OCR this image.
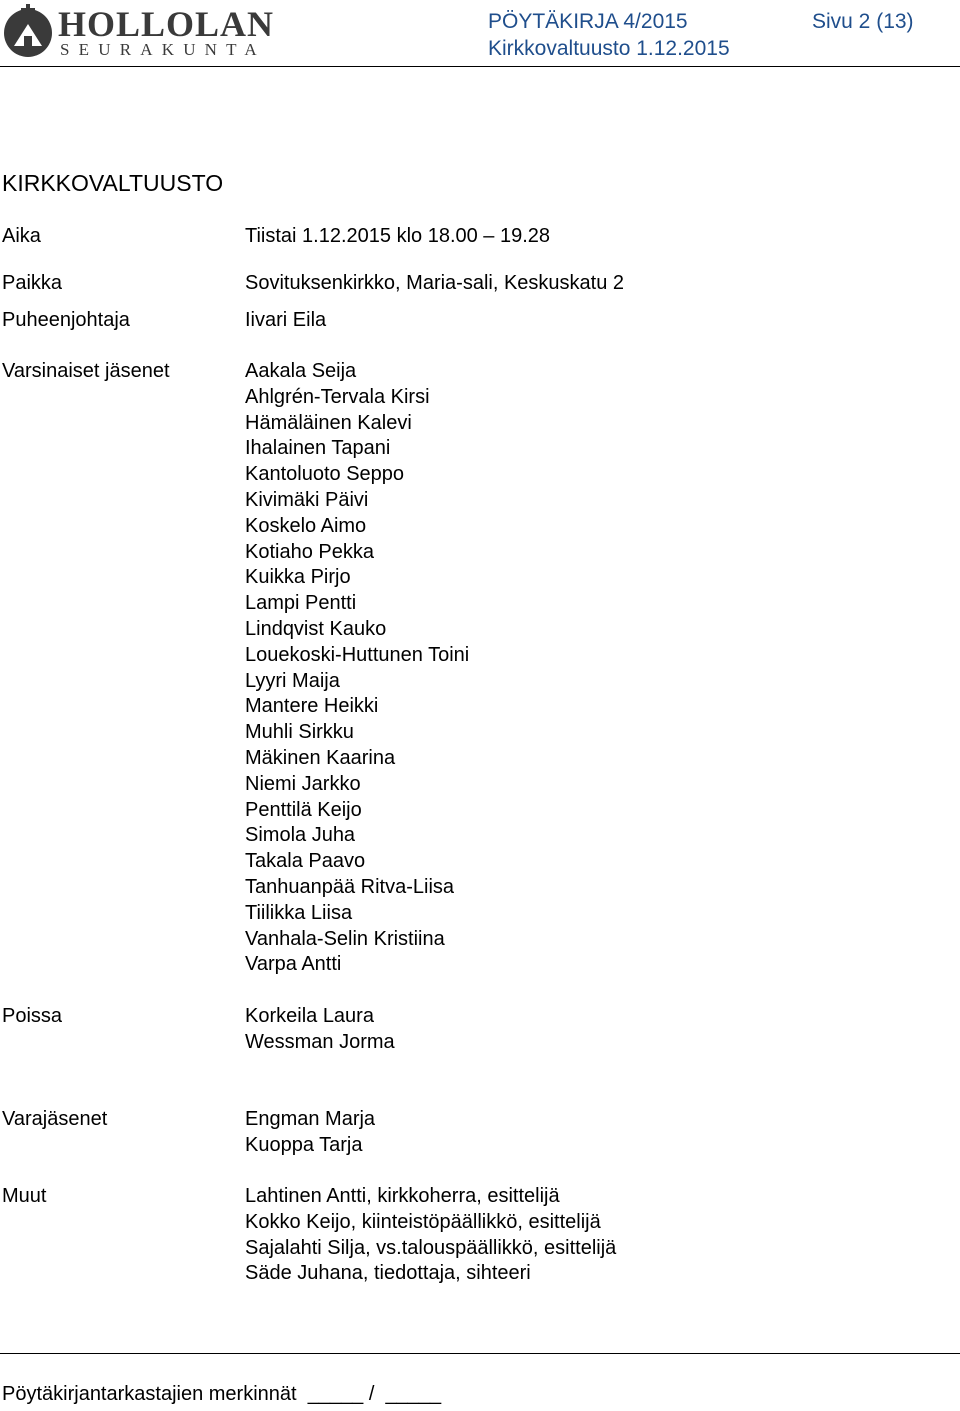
HOLLOLAN
SEURAKUNTA
PÖYTÄKIRJA 4/2015	Sivu 2 (13)
Kirkkovaltuusto 1.12.2015
KIRKKOVALTUUSTO
Aika	Tiistai 1.12.2015 klo 18.00 – 19.28
Paikka	Sovituksenkirkko, Maria-sali, Keskuskatu 2
Puheenjohtaja	Iivari Eila
Varsinaiset jäsenet	Aakala Seija
Ahlgrén-Tervala Kirsi
Hämäläinen Kalevi
Ihalainen Tapani
Kantoluoto Seppo
Kivimäki Päivi
Koskelo Aimo
Kotiaho Pekka
Kuikka Pirjo
Lampi Pentti
Lindqvist Kauko
Louekoski-Huttunen Toini
Lyyri Maija
Mantere Heikki
Muhli Sirkku
Mäkinen Kaarina
Niemi Jarkko
Penttilä Keijo
Simola Juha
Takala Paavo
Tanhuanpää Ritva-Liisa
Tiilikka Liisa
Vanhala-Selin Kristiina
Varpa Antti
Poissa	Korkeila Laura
Wessman Jorma
Varajäsenet	Engman Marja
Kuoppa Tarja
Muut	Lahtinen Antti, kirkkoherra, esittelijä
Kokko Keijo, kiinteistöpäällikkö, esittelijä
Sajalahti Silja, vs.talouspäällikkö, esittelijä
Säde Juhana, tiedottaja, sihteeri
Pöytäkirjantarkastajien merkinnät  _____ /  _____
